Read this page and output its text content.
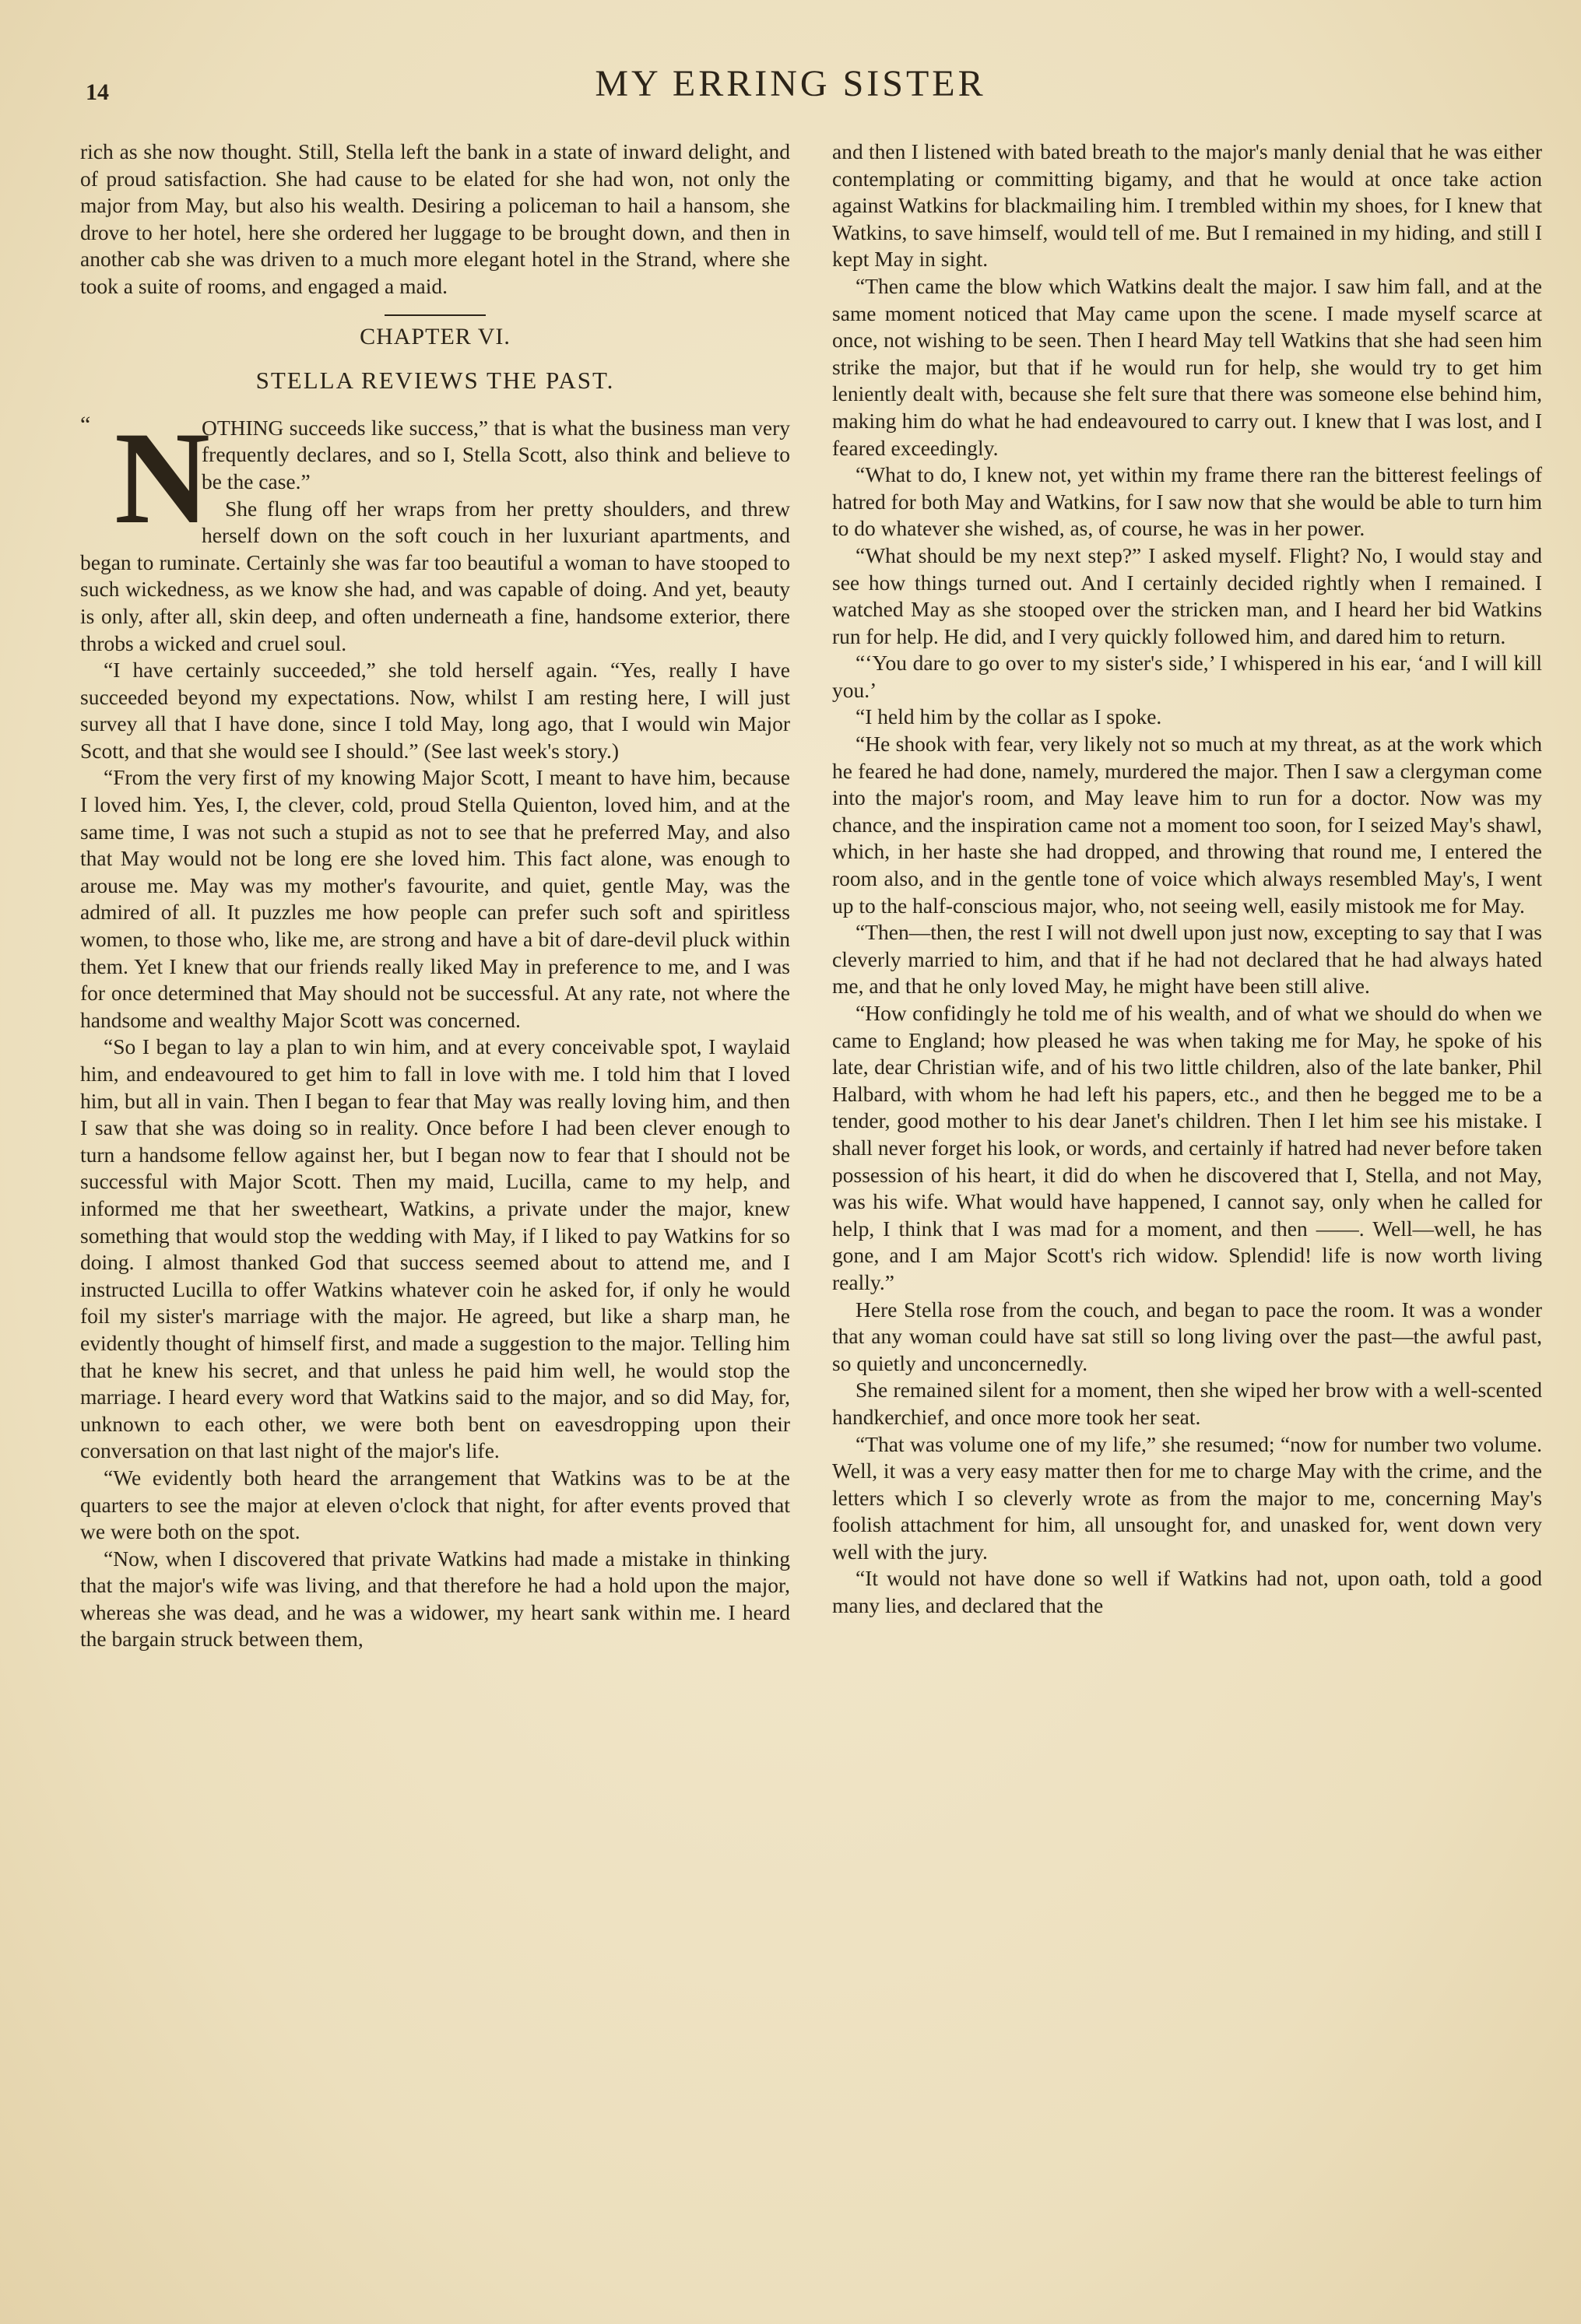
14	MY ERRING SISTER

rich as she now thought. Still, Stella left the bank in a state of inward delight, and of proud satisfaction. She had cause to be elated for she had won, not only the major from May, but also his wealth. Desiring a policeman to hail a hansom, she drove to her hotel, here she ordered her luggage to be brought down, and then in another cab she was driven to a much more elegant hotel in the Strand, where she took a suite of rooms, and engaged a maid.

CHAPTER VI.
STELLA REVIEWS THE PAST.
“ N

OTHING succeeds like success,” that is what the business man very frequently declares, and so I, Stella Scott, also think and believe to be the case.”

She flung off her wraps from her pretty shoulders, and threw herself down on the soft couch in her luxuriant apartments, and began to ruminate. Certainly she was far too beautiful a woman to have stooped to such wickedness, as we know she had, and was capable of doing. And yet, beauty is only, after all, skin deep, and often underneath a fine, handsome exterior, there throbs a wicked and cruel soul.

“I have certainly succeeded,” she told herself again. “Yes, really I have succeeded beyond my expectations. Now, whilst I am resting here, I will just survey all that I have done, since I told May, long ago, that I would win Major Scott, and that she would see I should.” (See last week's story.)

“From the very first of my knowing Major Scott, I meant to have him, because I loved him. Yes, I, the clever, cold, proud Stella Quienton, loved him, and at the same time, I was not such a stupid as not to see that he preferred May, and also that May would not be long ere she loved him. This fact alone, was enough to arouse me. May was my mother's favourite, and quiet, gentle May, was the admired of all. It puzzles me how people can prefer such soft and spiritless women, to those who, like me, are strong and have a bit of dare-devil pluck within them. Yet I knew that our friends really liked May in preference to me, and I was for once determined that May should not be successful. At any rate, not where the handsome and wealthy Major Scott was concerned.

“So I began to lay a plan to win him, and at every conceivable spot, I waylaid him, and endeavoured to get him to fall in love with me. I told him that I loved him, but all in vain. Then I began to fear that May was really loving him, and then I saw that she was doing so in reality. Once before I had been clever enough to turn a handsome fellow against her, but I began now to fear that I should not be successful with Major Scott. Then my maid, Lucilla, came to my help, and informed me that her sweetheart, Watkins, a private under the major, knew something that would stop the wedding with May, if I liked to pay Watkins for so doing. I almost thanked God that success seemed about to attend me, and I instructed Lucilla to offer Watkins whatever coin he asked for, if only he would foil my sister's marriage with the major. He agreed, but like a sharp man, he evidently thought of himself first, and made a suggestion to the major. Telling him that he knew his secret, and that unless he paid him well, he would stop the marriage. I heard every word that Watkins said to the major, and so did May, for, unknown to each other, we were both bent on eavesdropping upon their conversation on that last night of the major's life.

“We evidently both heard the arrangement that Watkins was to be at the quarters to see the major at eleven o'clock that night, for after events proved that we were both on the spot.

“Now, when I discovered that private Watkins had made a mistake in thinking that the major's wife was living, and that therefore he had a hold upon the major, whereas she was dead, and he was a widower, my heart sank within me. I heard the bargain struck between them,

and then I listened with bated breath to the major's manly denial that he was either contemplating or committing bigamy, and that he would at once take action against Watkins for blackmailing him. I trembled within my shoes, for I knew that Watkins, to save himself, would tell of me. But I remained in my hiding, and still I kept May in sight.

“Then came the blow which Watkins dealt the major. I saw him fall, and at the same moment noticed that May came upon the scene. I made myself scarce at once, not wishing to be seen. Then I heard May tell Watkins that she had seen him strike the major, but that if he would run for help, she would try to get him leniently dealt with, because she felt sure that there was someone else behind him, making him do what he had endeavoured to carry out. I knew that I was lost, and I feared exceedingly.

“What to do, I knew not, yet within my frame there ran the bitterest feelings of hatred for both May and Watkins, for I saw now that she would be able to turn him to do whatever she wished, as, of course, he was in her power.

“What should be my next step?” I asked myself. Flight? No, I would stay and see how things turned out. And I certainly decided rightly when I remained. I watched May as she stooped over the stricken man, and I heard her bid Watkins run for help. He did, and I very quickly followed him, and dared him to return.

“‘You dare to go over to my sister's side,’ I whispered in his ear, ‘and I will kill you.’

“I held him by the collar as I spoke.

“He shook with fear, very likely not so much at my threat, as at the work which he feared he had done, namely, murdered the major. Then I saw a clergyman come into the major's room, and May leave him to run for a doctor. Now was my chance, and the inspiration came not a moment too soon, for I seized May's shawl, which, in her haste she had dropped, and throwing that round me, I entered the room also, and in the gentle tone of voice which always resembled May's, I went up to the half-conscious major, who, not seeing well, easily mistook me for May.

“Then—then, the rest I will not dwell upon just now, excepting to say that I was cleverly married to him, and that if he had not declared that he had always hated me, and that he only loved May, he might have been still alive.

“How confidingly he told me of his wealth, and of what we should do when we came to England; how pleased he was when taking me for May, he spoke of his late, dear Christian wife, and of his two little children, also of the late banker, Phil Halbard, with whom he had left his papers, etc., and then he begged me to be a tender, good mother to his dear Janet's children. Then I let him see his mistake. I shall never forget his look, or words, and certainly if hatred had never before taken possession of his heart, it did do when he discovered that I, Stella, and not May, was his wife. What would have happened, I cannot say, only when he called for help, I think that I was mad for a moment, and then ——. Well—well, he has gone, and I am Major Scott's rich widow. Splendid! life is now worth living really.”

Here Stella rose from the couch, and began to pace the room. It was a wonder that any woman could have sat still so long living over the past—the awful past, so quietly and unconcernedly.

She remained silent for a moment, then she wiped her brow with a well-scented handkerchief, and once more took her seat.

“That was volume one of my life,” she resumed; “now for number two volume. Well, it was a very easy matter then for me to charge May with the crime, and the letters which I so cleverly wrote as from the major to me, concerning May's foolish attachment for him, all unsought for, and unasked for, went down very well with the jury.

“It would not have done so well if Watkins had not, upon oath, told a good many lies, and declared that the
